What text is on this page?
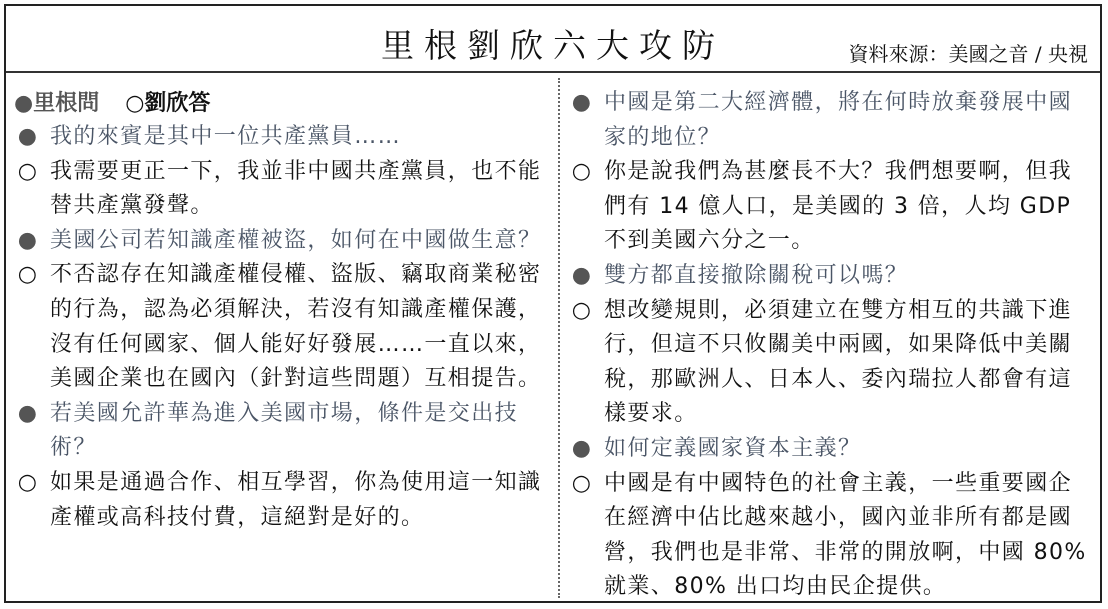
里根劉欣六大攻防	資料來源：美國之音 / 央視
●里根問 ○劉欣答
● 我的來賓是其中一位共產黨員……
○ 我需要更正一下，我並非中國共產黨員，也不能替共產黨發聲。
● 美國公司若知識產權被盜，如何在中國做生意？
○ 不否認存在知識產權侵權、盜版、竊取商業秘密的行為，認為必須解決，若沒有知識產權保護，沒有任何國家、個人能好好發展……一直以來，美國企業也在國內（針對這些問題）互相提告。
● 若美國允許華為進入美國市場，條件是交出技術？
○ 如果是通過合作、相互學習，你為使用這一知識產權或高科技付費，這絕對是好的。
● 中國是第二大經濟體，將在何時放棄發展中國家的地位？
○ 你是說我們為甚麼長不大？我們想要啊，但我們有 14 億人口，是美國的 3 倍，人均 GDP 不到美國六分之一。
● 雙方都直接撤除關稅可以嗎？
○ 想改變規則，必須建立在雙方相互的共識下進行，但這不只攸關美中兩國，如果降低中美關稅，那歐洲人、日本人、委內瑞拉人都會有這樣要求。
● 如何定義國家資本主義？
○ 中國是有中國特色的社會主義，一些重要國企在經濟中佔比越來越小，國內並非所有都是國營，我們也是非常、非常的開放啊，中國 80% 就業、80% 出口均由民企提供。
